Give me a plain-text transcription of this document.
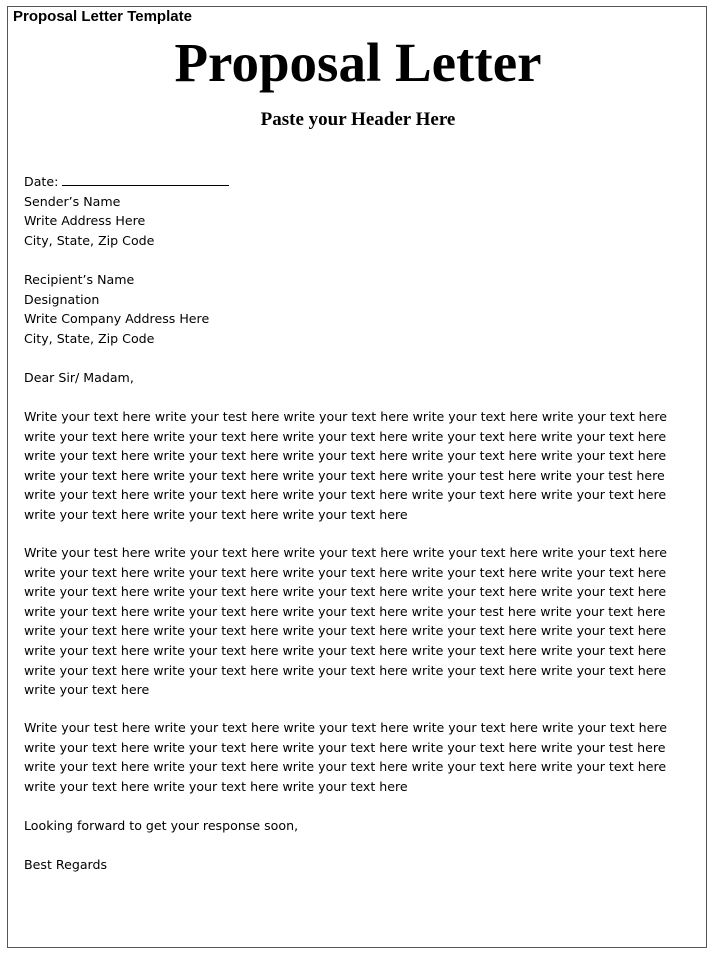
Proposal Letter Template
Proposal Letter
Paste your Header Here
Date:
Sender’s Name
Write Address Here
City, State, Zip Code
Recipient’s Name
Designation
Write Company Address Here
City, State, Zip Code
Dear Sir/ Madam,
Write your text here write your test here write your text here write your text here write your text here
write your text here write your text here write your text here write your text here write your text here
write your text here write your text here write your text here write your text here write your text here
write your text here write your text here write your text here write your test here write your test here
write your text here write your text here write your text here write your text here write your text here
write your text here write your text here write your text here
Write your test here write your text here write your text here write your text here write your text here
write your text here write your text here write your text here write your text here write your text here
write your text here write your text here write your text here write your text here write your text here
write your text here write your text here write your text here write your test here write your text here
write your text here write your text here write your text here write your text here write your text here
write your text here write your text here write your text here write your text here write your text here
write your text here write your text here write your text here write your text here write your text here
write your text here
Write your test here write your text here write your text here write your text here write your text here
write your text here write your text here write your text here write your text here write your test here
write your text here write your text here write your text here write your text here write your text here
write your text here write your text here write your text here
Looking forward to get your response soon,
Best Regards
